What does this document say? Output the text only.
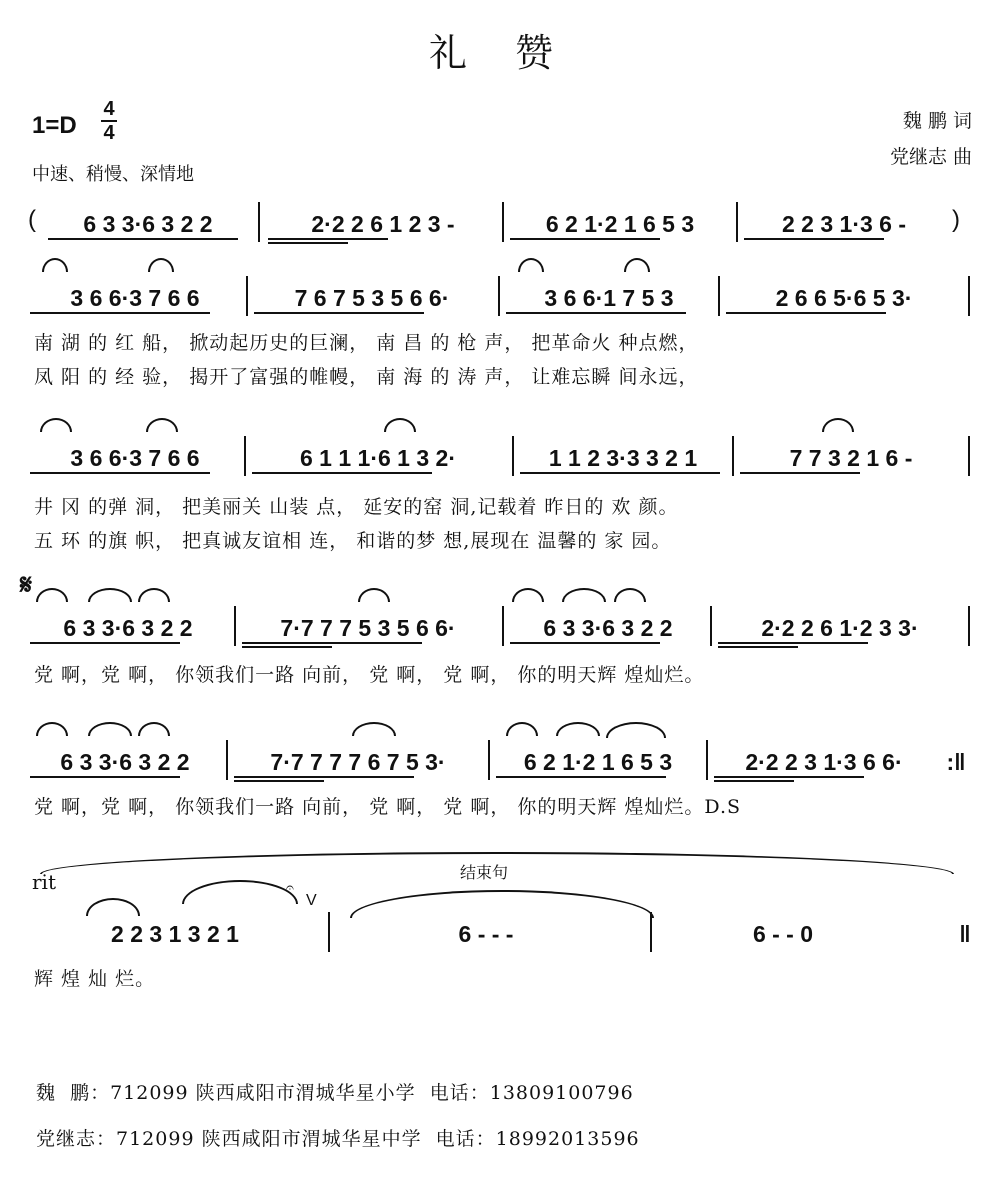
礼 赞
1=D
4
4
中速、稍慢、深情地
魏 鹏 词
党继志 曲
(	)
6 3 3·6 3 2 2	2·2 2 6 1 2 3 -	6 2 1·2 1 6 5 3	2 2 3 1·3 6 -
3 6 6·3 7 6 6	7 6 7 5 3 5 6 6·	3 6 6·1 7 5 3	2 6 6 5·6 5 3·
南 湖 的 红 船， 掀动起历史的巨澜， 南 昌 的 枪 声， 把革命火 种点燃，
凤 阳 的 经 验， 揭开了富强的帷幔， 南 海 的 涛 声， 让难忘瞬 间永远，
3 6 6·3 7 6 6	6 1 1 1·6 1 3 2·	1 1 2 3·3 3 2 1	7 7 3 2 1 6 -
井 冈 的弹 洞， 把美丽关 山装 点， 延安的窑 洞,记载着 昨日的 欢 颜。
五 环 的旗 帜， 把真诚友谊相 连， 和谐的梦 想,展现在 温馨的 家 园。
𝄋
6 3 3·6 3 2 2	7·7 7 7 5 3 5 6 6·	6 3 3·6 3 2 2	2·2 2 6 1·2 3 3·
党 啊，党 啊， 你领我们一路 向前， 党 啊， 党 啊， 你的明天辉 煌灿烂。
6 3 3·6 3 2 2	7·7 7 7 7 6 7 5 3·	6 2 1·2 1 6 5 3	2·2 2 3 1·3 6 6·	:‖
党 啊，党 啊， 你领我们一路 向前， 党 啊， 党 啊， 你的明天辉 煌灿烂。D.S
结束句
rit	𝄐
V
2 2 3 1 3 2 1	6 - - -	6 - - 0	‖
辉 煌 灿 烂。
魏  鹏：712099 陕西咸阳市渭城华星小学  电话：13809100796
党继志：712099 陕西咸阳市渭城华星中学  电话：18992013596
